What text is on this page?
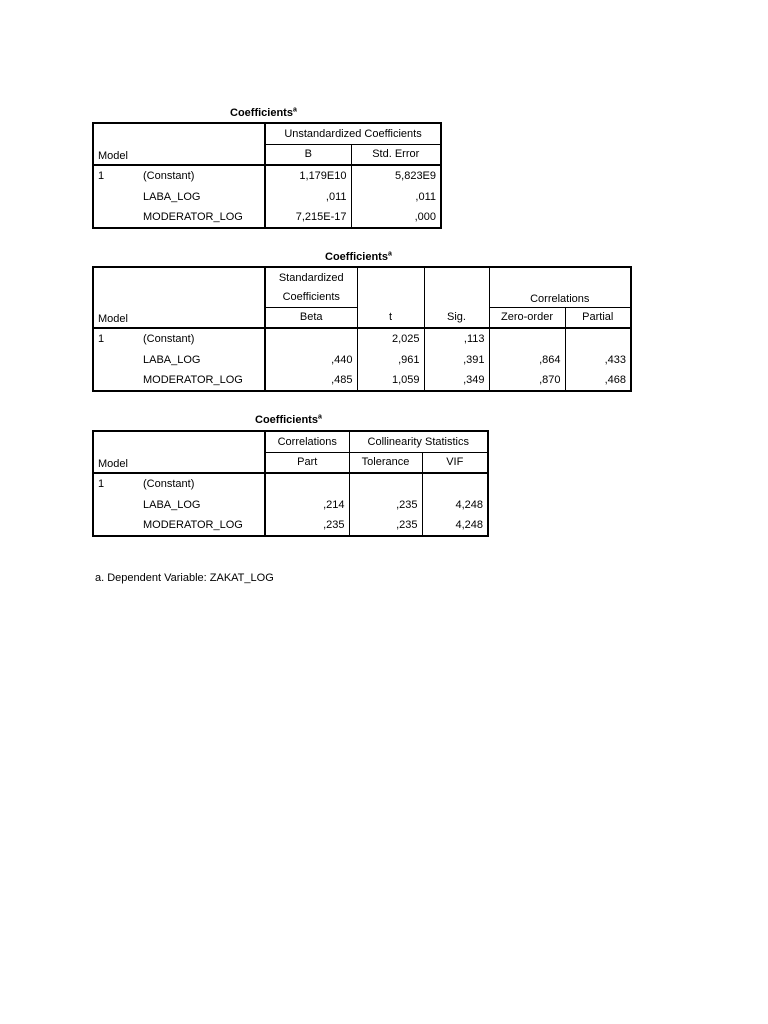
Coefficients$^a$
Model		Unstandardized Coefficients	
		B	Std. Error
1	(Constant)	1,179E10	5,823E9
	LABA_LOG	,011	,011
	MODERATOR_LOG	7,215E-17	,000
Coefficients$^a$
Model		Standardized			Correlations	
		Coefficients				
		Beta	t	Sig.	Zero-order	Partial
1	(Constant)		2,025	,113		
	LABA_LOG	,440	,961	,391	,864	,433
	MODERATOR_LOG	,485	1,059	,349	,870	,468
Coefficients$^a$
Model		Correlations	Collinearity Statistics	
		Part	Tolerance	VIF
1	(Constant)			
	LABA_LOG	,214	,235	4,248
	MODERATOR_LOG	,235	,235	4,248
a. Dependent Variable: ZAKAT_LOG
